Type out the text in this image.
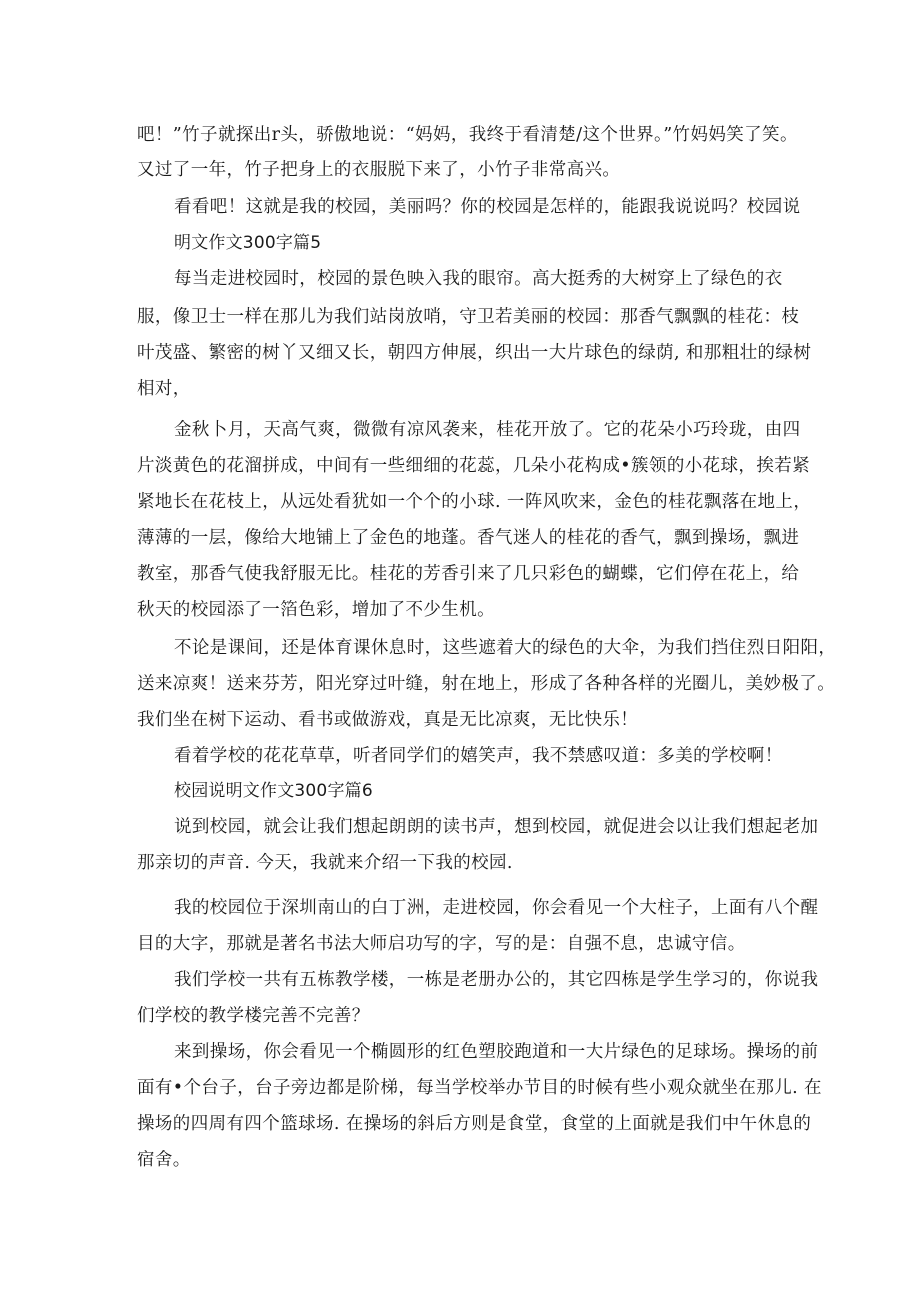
吧！”竹子就探出r头，骄傲地说：“妈妈，我终于看清楚/这个世界。”竹妈妈笑了笑。
又过了一年，竹子把身上的衣服脱下来了，小竹子非常高兴。
看看吧！这就是我的校园，美丽吗？你的校园是怎样的，能跟我说说吗？校园说
明文作文300字篇5
每当走进校园时，校园的景色映入我的眼帘。高大挺秀的大树穿上了绿色的衣
服，像卫士一样在那儿为我们站岗放哨，守卫若美丽的校园：那香气飘飘的桂花：枝
叶茂盛、繁密的树丫又细又长，朝四方伸展，织出一大片球色的绿荫, 和那粗壮的绿树
相对，
金秋卜月，天高气爽，微微有凉风袭来，桂花开放了。它的花朵小巧玲珑，由四
片淡黄色的花溜拼成，中间有一些细细的花蕊，几朵小花构成•簇领的小花球，挨若紧
紧地长在花枝上，从远处看犹如一个个的小球. 一阵风吹来，金色的桂花飘落在地上，
薄薄的一层，像给大地铺上了金色的地蓬。香气迷人的桂花的香气，飘到操场，飘进
教室，那香气使我舒服无比。桂花的芳香引来了几只彩色的蝴蝶，它们停在花上，给
秋天的校园添了一箔色彩，增加了不少生机。
不论是课间，还是体育课休息时，这些遮着大的绿色的大伞，为我们挡住烈日阳阳，
送来凉爽！送来芬芳，阳光穿过叶缝，射在地上，形成了各种各样的光圈儿，美妙极了。
我们坐在树下运动、看书或做游戏，真是无比凉爽，无比快乐！
看着学校的花花草草，听者同学们的嬉笑声，我不禁感叹道：多美的学校啊！
校园说明文作文300字篇6
说到校园，就会让我们想起朗朗的读书声，想到校园，就促进会以让我们想起老加
那亲切的声音. 今天，我就来介绍一下我的校园.
我的校园位于深圳南山的白丁洲，走进校园，你会看见一个大柱子，上面有八个醒
目的大字，那就是著名书法大师启功写的字，写的是：自强不息，忠诚守信。
我们学校一共有五栋教学楼，一栋是老册办公的，其它四栋是学生学习的，你说我
们学校的教学楼完善不完善？
来到操场，你会看见一个椭圆形的红色塑胶跑道和一大片绿色的足球场。操场的前
面有•个台子，台子旁边都是阶梯，每当学校举办节目的时候有些小观众就坐在那儿. 在
操场的四周有四个篮球场. 在操场的斜后方则是食堂，食堂的上面就是我们中午休息的
宿舍。
